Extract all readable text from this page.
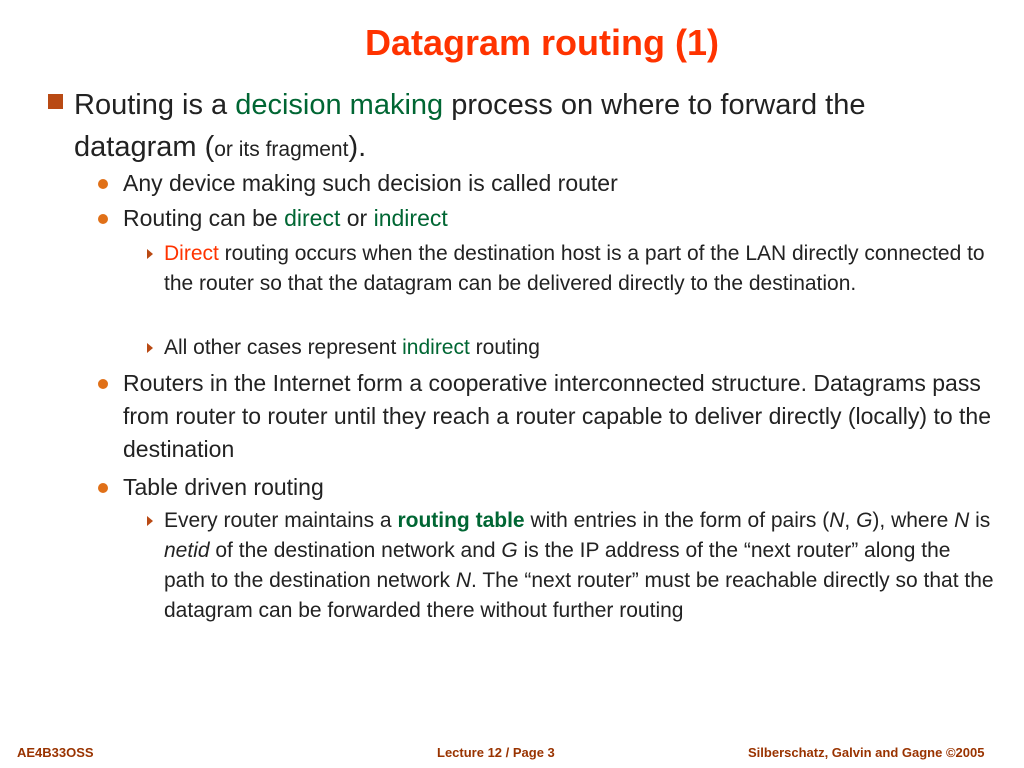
Datagram routing (1)
Routing is a decision making process on where to forward the datagram (or its fragment).
Any device making such decision is called router
Routing can be direct or indirect
Direct routing occurs when the destination host is a part of the LAN directly connected to the router so that the datagram can be delivered directly to the destination.
All other cases represent indirect routing
Routers in the Internet form a cooperative interconnected structure. Datagrams pass from router to router until they reach a router capable to deliver directly (locally) to the destination
Table driven routing
Every router maintains a routing table with entries in the form of pairs (N, G), where N is netid of the destination network and G is the IP address of the “next router” along the path to the destination network N. The “next router” must be reachable directly so that the datagram can be forwarded there without further routing
AE4B33OSS	Lecture 12 / Page 3	Silberschatz, Galvin and Gagne ©2005
